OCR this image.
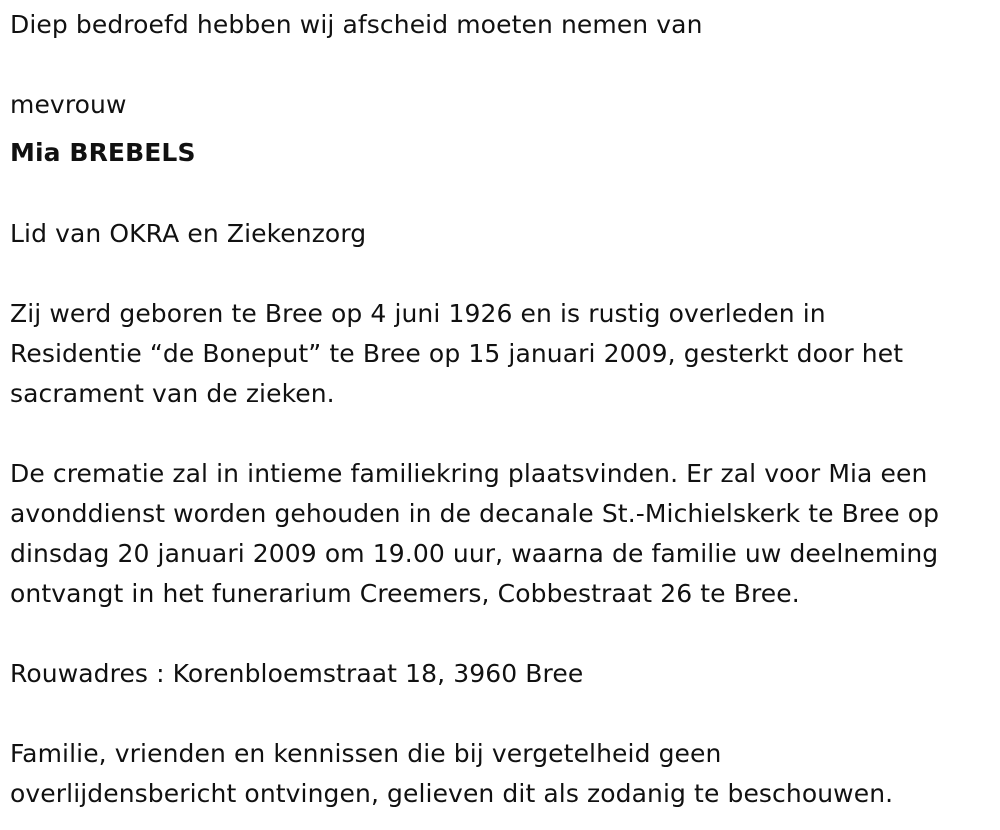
Diep bedroefd hebben wij afscheid moeten nemen van
mevrouw
Mia BREBELS
Lid van OKRA en Ziekenzorg
Zij werd geboren te Bree op 4 juni 1926 en is rustig overleden in
Residentie “de Boneput” te Bree op 15 januari 2009, gesterkt door het
sacrament van de zieken.
De crematie zal in intieme familiekring plaatsvinden. Er zal voor Mia een
avonddienst worden gehouden in de decanale St.-Michielskerk te Bree op
dinsdag 20 januari 2009 om 19.00 uur, waarna de familie uw deelneming
ontvangt in het funerarium Creemers, Cobbestraat 26 te Bree.
Rouwadres : Korenbloemstraat 18, 3960 Bree
Familie, vrienden en kennissen die bij vergetelheid geen
overlijdensbericht ontvingen, gelieven dit als zodanig te beschouwen.
